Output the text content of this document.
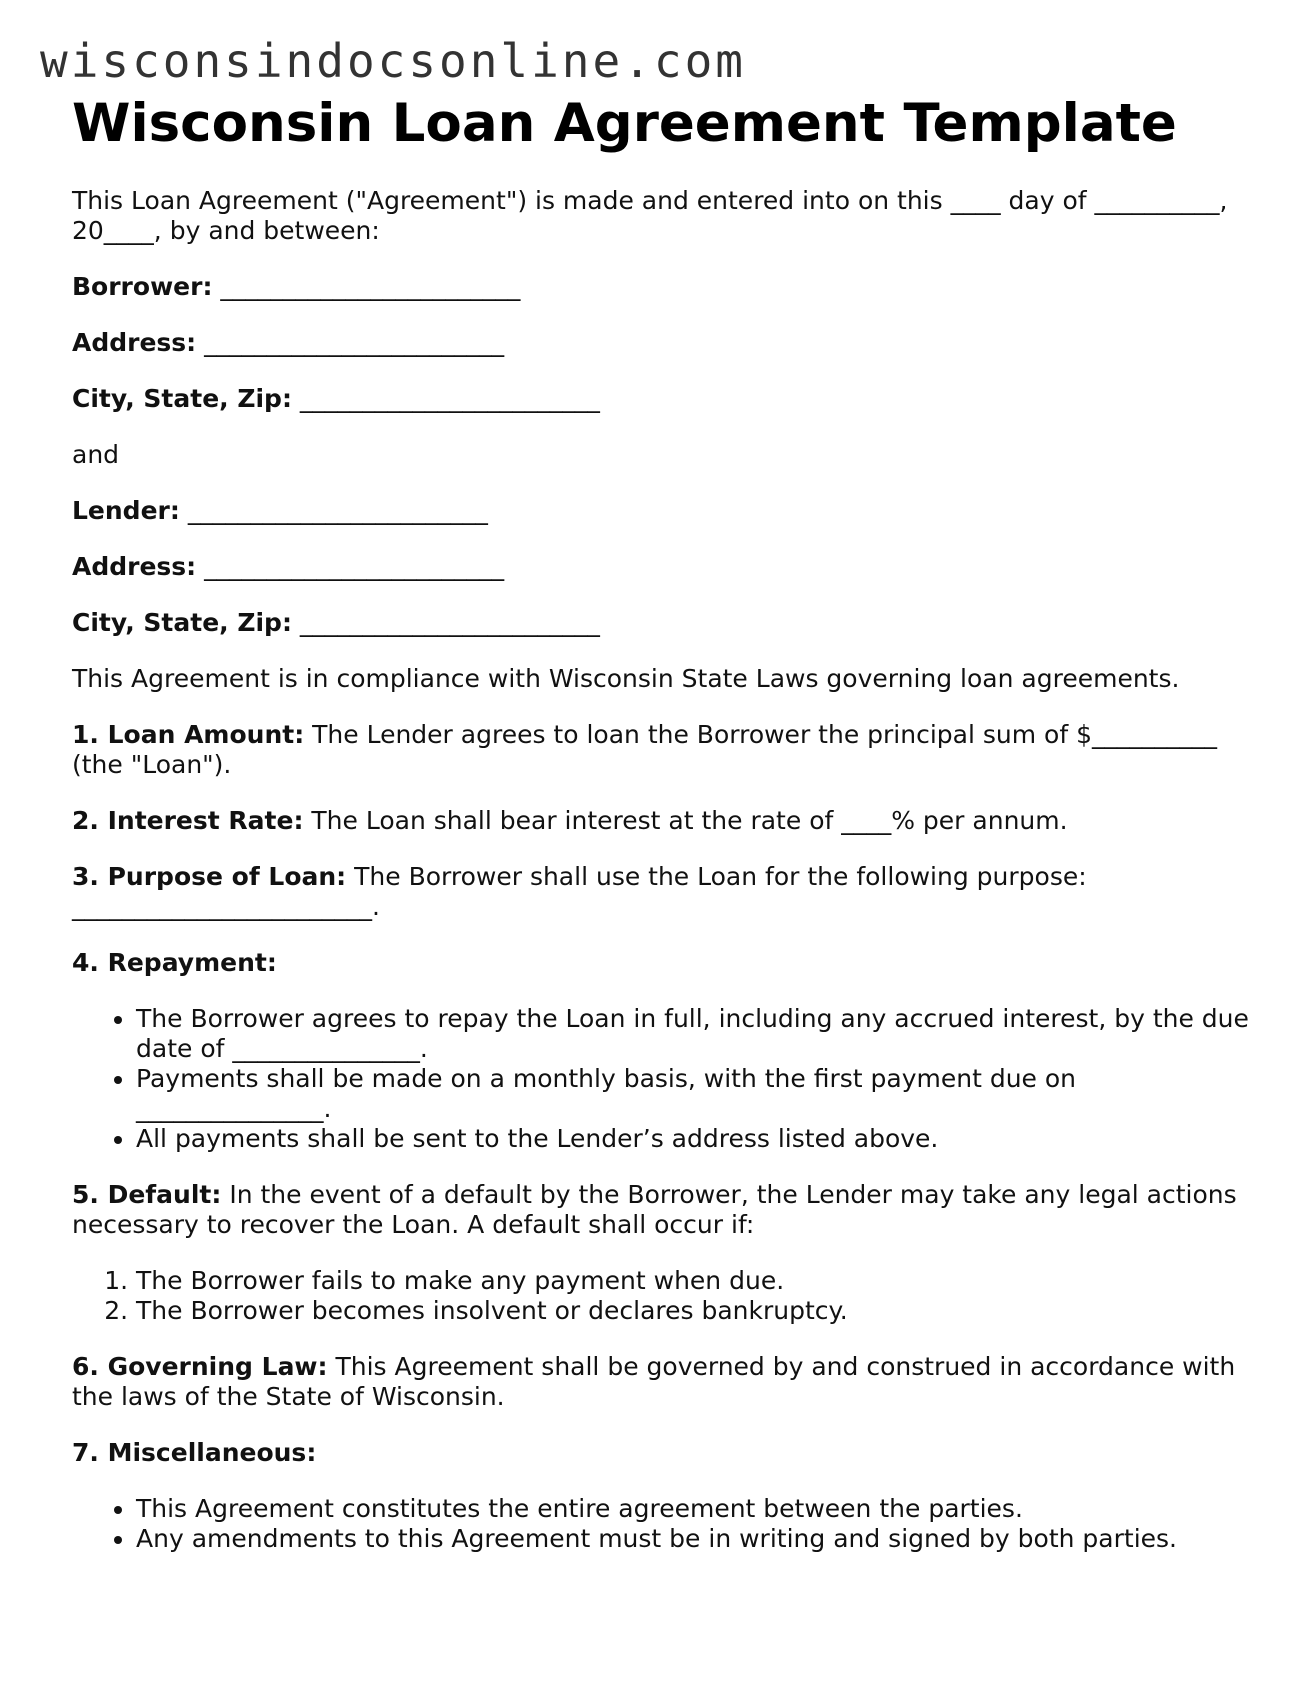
wisconsindocsonline.com
Wisconsin Loan Agreement Template

This Loan Agreement ("Agreement") is made and entered into on this ____ day of __________, 20____, by and between:

Borrower: ________________________

Address: ________________________

City, State, Zip: ________________________

and

Lender: ________________________

Address: ________________________

City, State, Zip: ________________________

This Agreement is in compliance with Wisconsin State Laws governing loan agreements.

1. Loan Amount: The Lender agrees to loan the Borrower the principal sum of $__________ (the "Loan").

2. Interest Rate: The Loan shall bear interest at the rate of ____% per annum.

3. Purpose of Loan: The Borrower shall use the Loan for the following purpose: ________________________.

4. Repayment:

• The Borrower agrees to repay the Loan in full, including any accrued interest, by the due date of _______________.
• Payments shall be made on a monthly basis, with the first payment due on _______________.
• All payments shall be sent to the Lender’s address listed above.

5. Default: In the event of a default by the Borrower, the Lender may take any legal actions necessary to recover the Loan. A default shall occur if:

1. The Borrower fails to make any payment when due.
2. The Borrower becomes insolvent or declares bankruptcy.

6. Governing Law: This Agreement shall be governed by and construed in accordance with the laws of the State of Wisconsin.

7. Miscellaneous:

• This Agreement constitutes the entire agreement between the parties.
• Any amendments to this Agreement must be in writing and signed by both parties.
